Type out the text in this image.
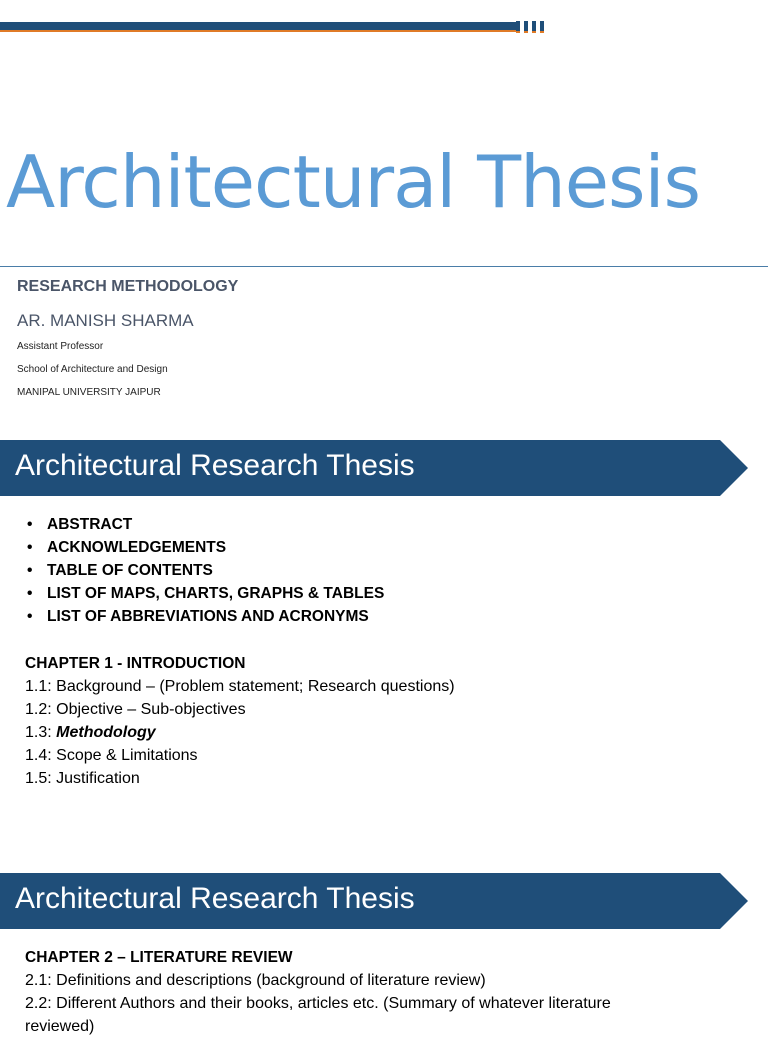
Architectural Thesis

RESEARCH METHODOLOGY

AR. MANISH SHARMA

Assistant Professor

School of Architecture and Design

MANIPAL UNIVERSITY JAIPUR

Architectural Research Thesis
• ABSTRACT
• ACKNOWLEDGEMENTS
• TABLE OF CONTENTS
• LIST OF MAPS, CHARTS, GRAPHS & TABLES
• LIST OF ABBREVIATIONS AND ACRONYMS
CHAPTER 1 - INTRODUCTION
1.1: Background – (Problem statement; Research questions)
1.2: Objective – Sub-objectives
1.3: Methodology
1.4: Scope & Limitations
1.5: Justification
Architectural Research Thesis
CHAPTER 2 – LITERATURE REVIEW
2.1: Definitions and descriptions (background of literature review)
2.2: Different Authors and their books, articles etc. (Summary of whatever literature
reviewed)
